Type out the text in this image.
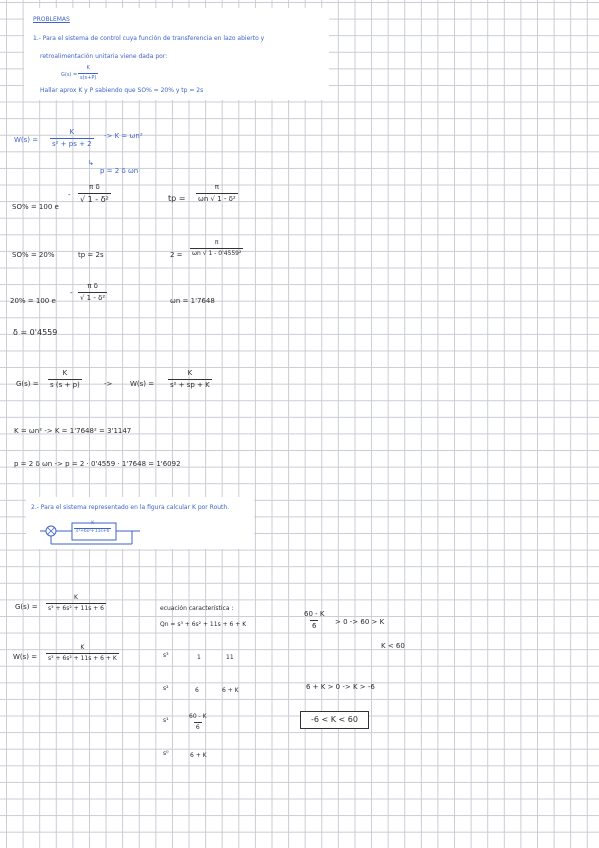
PROBLEMAS
1.- Para el sistema de control cuya función de transferencia en lazo abierto y
retroalimentación unitaria viene dada por:
$G(s) = \frac{K}{s(s+P)}$
Hallar aprox K y P sabiendo que SO% = 20% y tp = 2s
$W(s) = \frac{K}{\text{s² + ps + 2}} -> K = \omega n^2$
↳
p = 2 δ ωn
SO% = 100 e
- $\frac{\text{π δ}}{\text{√ 1 - δ²}}$	tp = $\frac{\pi}{\text{ωn √ 1 - δ²}}$
SO% = 20%	tp = 2s	$2 = \frac{\pi}{\text{ωn √ 1 - 0'4559²}}$
20% = 100 e
- $\frac{\text{π δ}}{\text{√ 1 - δ²}}$	ωn = 1'7648
δ = 0'4559
$G(s) = \frac{K}{s (s + p)}$	->	$W(s) = \frac{K}{\text{s² + sp + K}}$
K = ωn² -> K = 1'7648² = 3'1147
p = 2 δ ωn -> p = 2 · 0'4559 · 1'7648 = 1'6092
2.- Para el sistema representado en la figura calcular K por Routh.
$\frac{K}{\text{s³+6s²+11s+6}}$
$G(s) = \frac{K}{\text{s³ + 6s² + 11s + 6}}$
$W(s) = \frac{K}{\text{s³ + 6s² + 11s + 6 + K}}$
ecuación característica :
Qn = s³ + 6s² + 11s + 6 + K
s³	1	11
s²	6	6 + K
s¹	$\frac{60 - K}{6}$
s⁰	6 + K
$\frac{60 - K}{6} > 0 -> 60 > K$
K < 60
6 + K > 0 -> K > -6
-6 < K < 60
